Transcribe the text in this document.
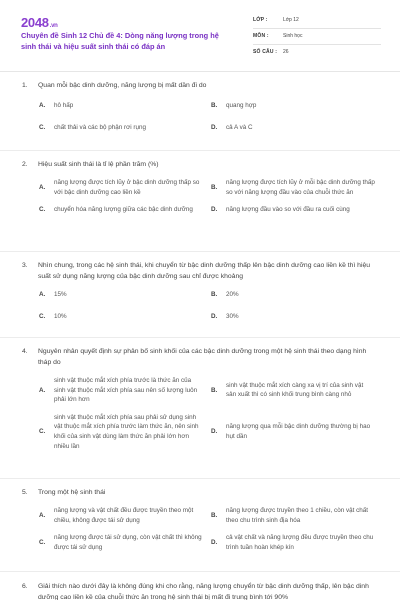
2048.vn
Chuyên đề Sinh 12 Chủ đề 4: Dòng năng lượng trong hệ sinh thái và hiệu suất sinh thái có đáp án
LỚP :	Lớp 12
MÔN :	Sinh học
SỐ CÂU : 26
1.	Quan mỗi bậc dinh dưỡng, năng lượng bị mất dần đi do
A.	hô hấp	B.	quang hợp
C.	chất thải và các bộ phận rơi rụng	D.	cả A và C
2.	Hiệu suất sinh thái là tỉ lệ phần trăm (%)
A.
năng lượng được tích lũy ở bậc dinh dưỡng thấp so với bậc dinh dưỡng cao liền kề
B.
năng lượng được tích lũy ở mỗi bậc dinh dưỡng thấp so với năng lượng đầu vào của chuỗi thức ăn
C.	chuyển hóa năng lượng giữa các bậc dinh dưỡng	D.	năng lượng đầu vào so với đầu ra cuối cùng
3.	Nhìn chung, trong các hệ sinh thái, khi chuyển từ bậc dinh dưỡng thấp lên bậc dinh dưỡng cao liền kề thì hiệu suất sử dụng năng lượng của bậc dinh dưỡng sau chỉ được khoảng
A.	15%	B.	20%
C.	10%	D.	30%
4.	Nguyên nhân quyết định sự phân bố sinh khối của các bậc dinh dưỡng trong một hệ sinh thái theo dạng hình tháp do
A.
sinh vật thuộc mắt xích phía trước là thức ăn của sinh vật thuộc mắt xích phía sau nên số lượng luôn phải lớn hơn
B.
sinh vật thuộc mắt xích càng xa vị trí của sinh vật sản xuất thì có sinh khối trung bình càng nhỏ
C.
sinh vật thuộc mắt xích phía sau phải sử dụng sinh vật thuộc mắt xích phía trước làm thức ăn, nên sinh khối của sinh vật dùng làm thức ăn phải lớn hơn nhiều lần
D.
năng lượng qua mỗi bậc dinh dưỡng thường bị hao hụt dần
5.	Trong một hệ sinh thái
A.
năng lượng và vật chất đều được truyền theo một chiều, không được tái sử dụng
B.
năng lượng được truyền theo 1 chiều, còn vật chất theo chu trình sinh địa hóa
C.
năng lượng được tái sử dụng, còn vật chất thì không được tái sử dụng
D.
cả vật chất và năng lượng đều được truyền theo chu trình tuần hoàn khép kín
6.	Giải thích nào dưới đây là không đúng khi cho rằng, năng lượng chuyển từ bậc dinh dưỡng thấp, lên bậc dinh dưỡng cao liền kề của chuỗi thức ăn trong hệ sinh thái bị mất đi trung bình tới 90%
